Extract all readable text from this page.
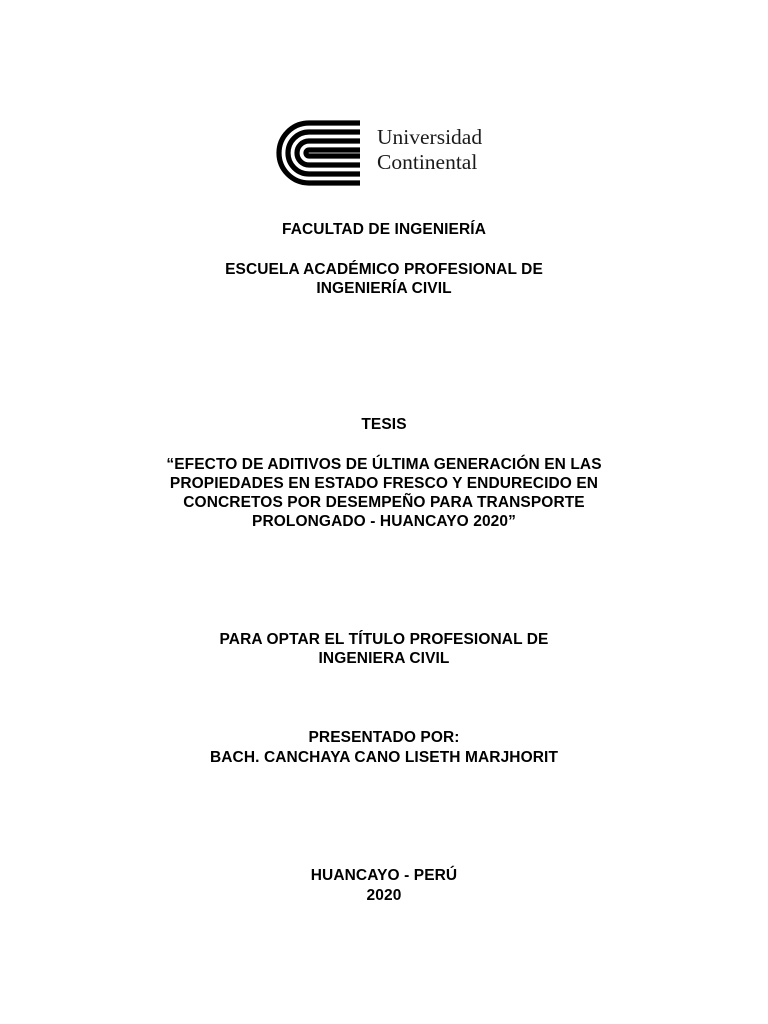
Universidad
Continental
FACULTAD DE INGENIERÍA
ESCUELA ACADÉMICO PROFESIONAL DE
INGENIERÍA CIVIL
TESIS
“EFECTO DE ADITIVOS DE ÚLTIMA GENERACIÓN EN LAS
PROPIEDADES EN ESTADO FRESCO Y ENDURECIDO EN
CONCRETOS POR DESEMPEÑO PARA TRANSPORTE
PROLONGADO - HUANCAYO 2020”
PARA OPTAR EL TÍTULO PROFESIONAL DE
INGENIERA CIVIL
PRESENTADO POR:
BACH. CANCHAYA CANO LISETH MARJHORIT
HUANCAYO - PERÚ
2020
